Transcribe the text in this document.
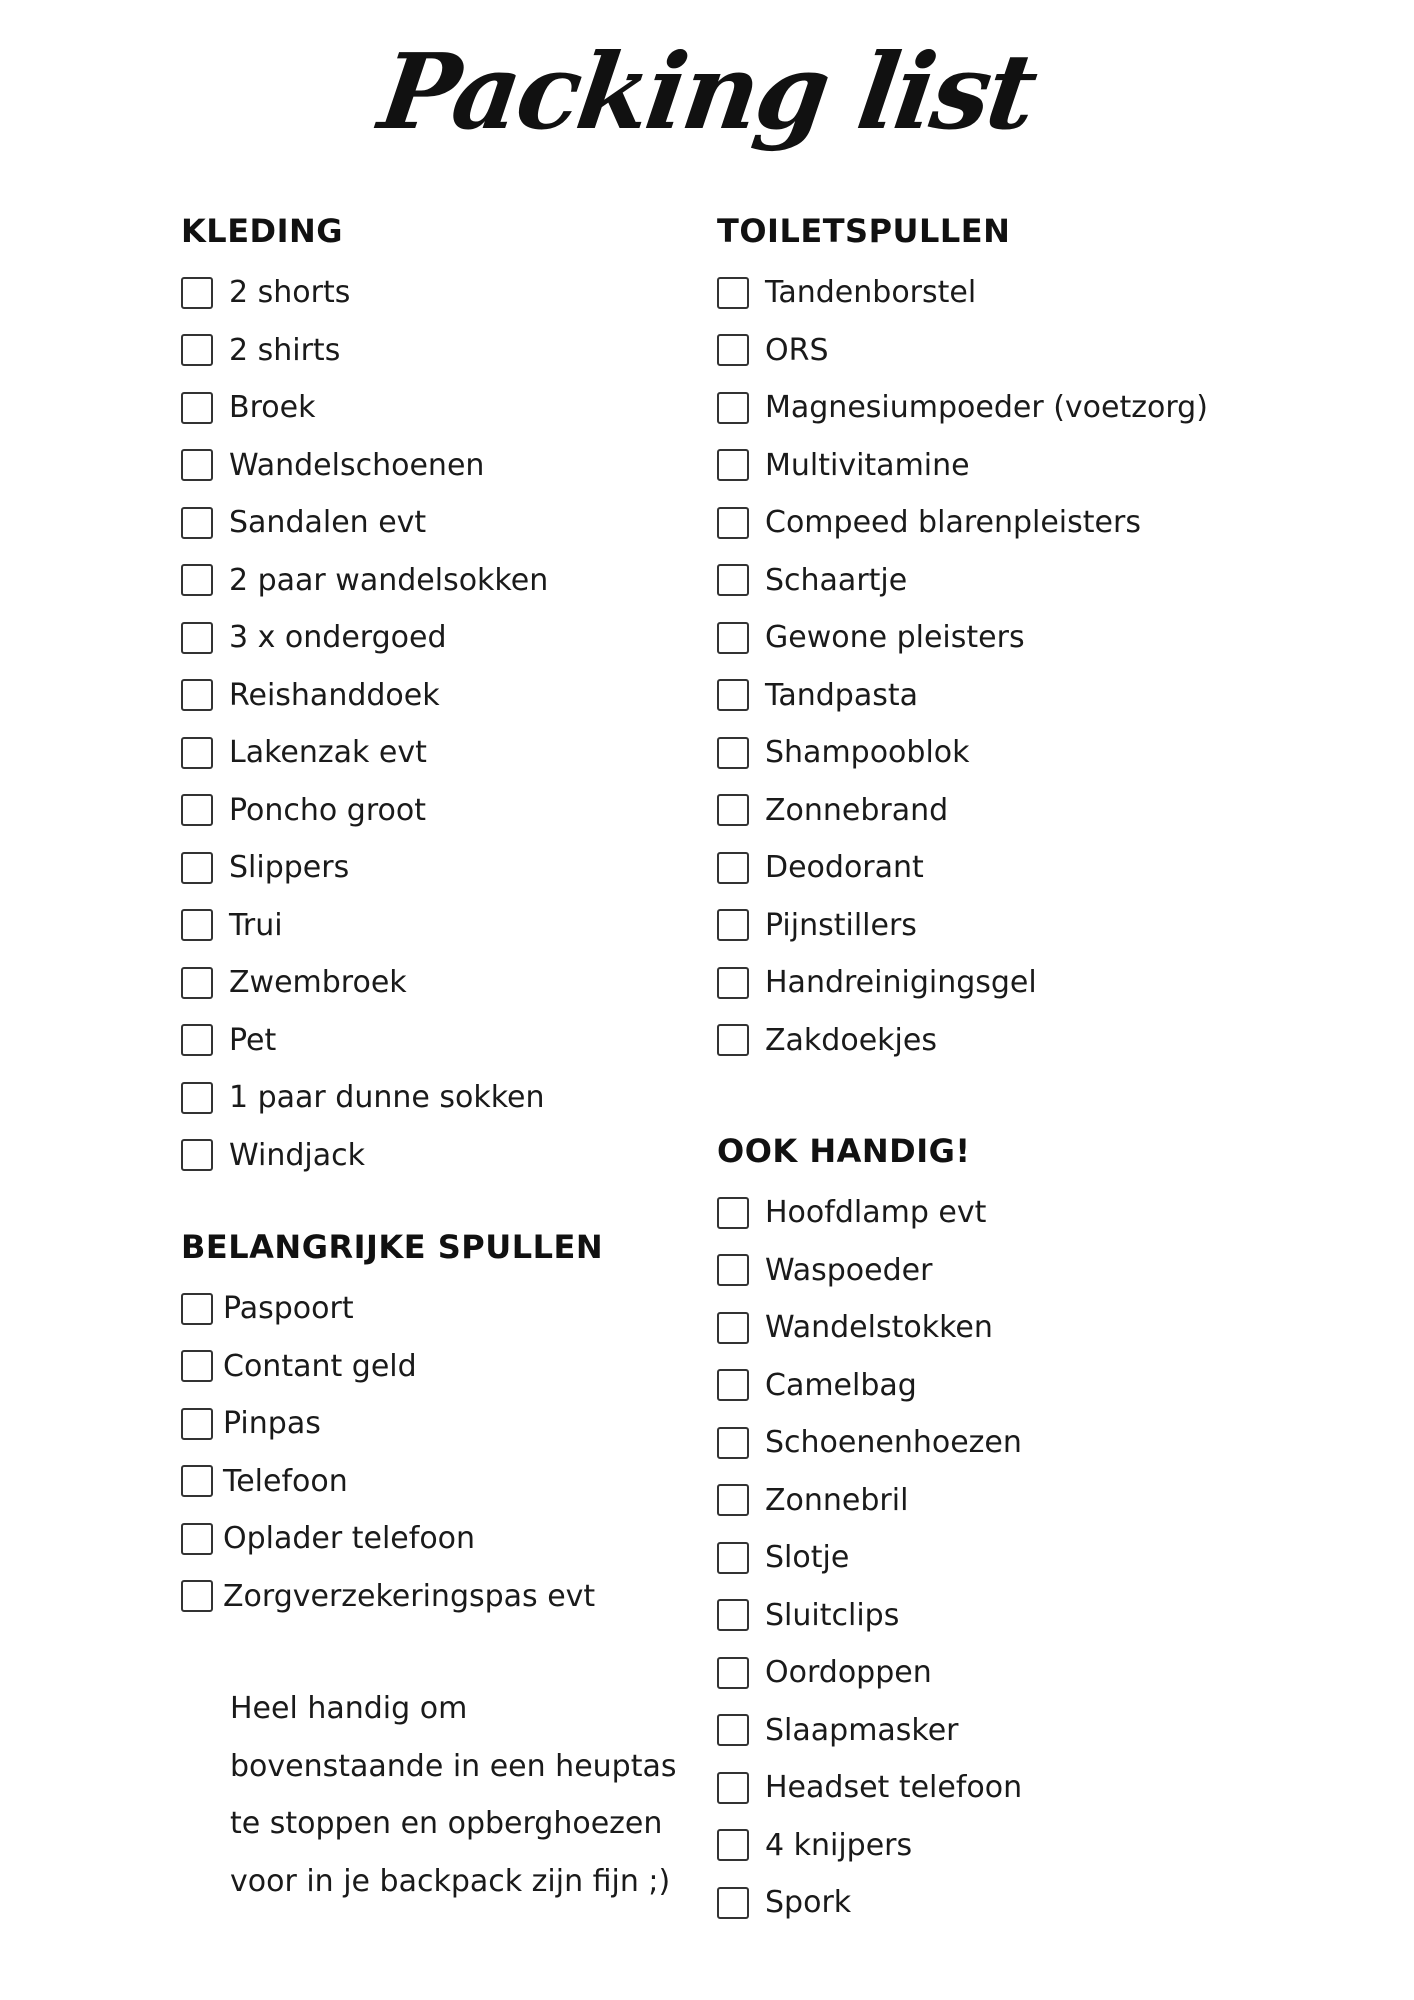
Packing list
KLEDING
2 shorts
2 shirts
Broek
Wandelschoenen
Sandalen evt
2 paar wandelsokken
3 x ondergoed
Reishanddoek
Lakenzak evt
Poncho groot
Slippers
Trui
Zwembroek
Pet
1 paar dunne sokken
Windjack
BELANGRIJKE SPULLEN
Paspoort
Contant geld
Pinpas
Telefoon
Oplader telefoon
Zorgverzekeringspas evt
TOILETSPULLEN
Tandenborstel
ORS
Magnesiumpoeder (voetzorg)
Multivitamine
Compeed blarenpleisters
Schaartje
Gewone pleisters
Tandpasta
Shampooblok
Zonnebrand
Deodorant
Pijnstillers
Handreinigingsgel
Zakdoekjes
OOK HANDIG!
Hoofdlamp evt
Waspoeder
Wandelstokken
Camelbag
Schoenenhoezen
Zonnebril
Slotje
Sluitclips
Oordoppen
Slaapmasker
Headset telefoon
4 knijpers
Spork
Heel handig om
bovenstaande in een heuptas
te stoppen en opberghoezen
voor in je backpack zijn fijn ;)
